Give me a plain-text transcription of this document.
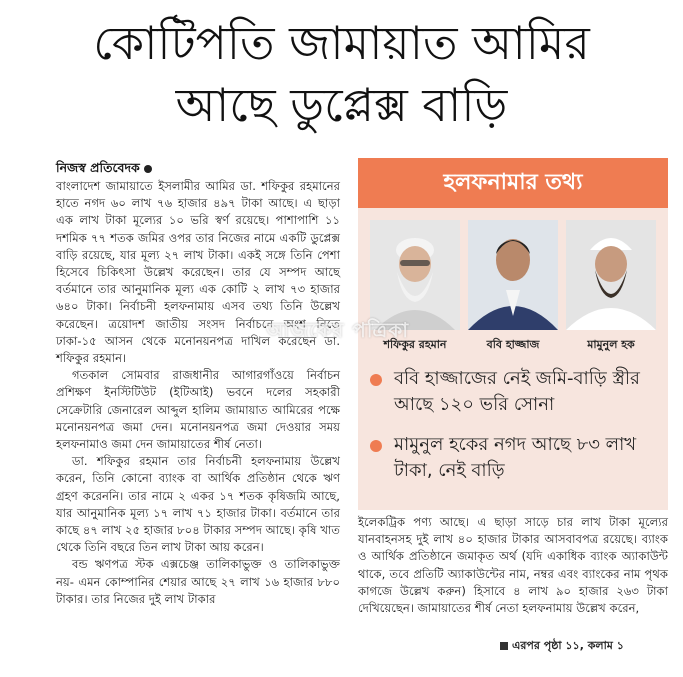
কোটিপতি জামায়াত আমির
আছে ডুপ্লেক্স বাড়ি
নিজস্ব প্রতিবেদক

বাংলাদেশ জামায়াতে ইসলামীর আমির ডা. শফিকুর রহমানের হাতে নগদ ৬০ লাখ ৭৬ হাজার ৪৯৭ টাকা আছে। এ ছাড়া এক লাখ টাকা মূল্যের ১০ ভরি স্বর্ণ রয়েছে। পাশাপাশি ১১ দশমিক ৭৭ শতক জমির ওপর তার নিজের নামে একটি ডুপ্লেক্স বাড়ি রয়েছে, যার মূল্য ২৭ লাখ টাকা। একই সঙ্গে তিনি পেশা হিসেবে চিকিৎসা উল্লেখ করেছেন। তার যে সম্পদ আছে বর্তমানে তার আনুমানিক মূল্য এক কোটি ২ লাখ ৭৩ হাজার ৬৪০ টাকা। নির্বাচনী হলফনামায় এসব তথ্য তিনি উল্লেখ করেছেন। ত্রয়োদশ জাতীয় সংসদ নির্বাচনে অংশ নিতে ঢাকা-১৫ আসন থেকে মনোনয়নপত্র দাখিল করেছেন ডা. শফিকুর রহমান।

গতকাল সোমবার রাজধানীর আগারগাঁওয়ে নির্বাচন প্রশিক্ষণ ইনস্টিটিউট (ইটিআই) ভবনে দলের সহকারী সেক্রেটারি জেনারেল আব্দুল হালিম জামায়াত আমিরের পক্ষে মনোনয়নপত্র জমা দেন। মনোনয়নপত্র জমা দেওয়ার সময় হলফনামাও জমা দেন জামায়াতের শীর্ষ নেতা।

ডা. শফিকুর রহমান তার নির্বাচনী হলফনামায় উল্লেখ করেন, তিনি কোনো ব্যাংক বা আর্থিক প্রতিষ্ঠান থেকে ঋণ গ্রহণ করেননি। তার নামে ২ একর ১৭ শতক কৃষিজমি আছে, যার আনুমানিক মূল্য ১৭ লাখ ৭১ হাজার টাকা। বর্তমানে তার কাছে ৪৭ লাখ ২৫ হাজার ৮০৪ টাকার সম্পদ আছে। কৃষি খাত থেকে তিনি বছরে তিন লাখ টাকা আয় করেন।

বন্ড ঋণপত্র স্টক এক্সচেঞ্জ তালিকাভুক্ত ও তালিকাভুক্ত নয়- এমন কোম্পানির শেয়ার আছে ২৭ লাখ ১৬ হাজার ৮৮০ টাকার। তার নিজের দুই লাখ টাকার

হলফনামার তথ্য
শফিকুর রহমান	ববি হাজ্জাজ	মামুনুল হক
ববি হাজ্জাজের নেই জমি-বাড়ি স্ত্রীর আছে ১২০ ভরি সোনা
মামুনুল হকের নগদ আছে ৮৩ লাখ টাকা, নেই বাড়ি
আজকের পত্রিকা

ইলেকট্রিক পণ্য আছে। এ ছাড়া সাড়ে চার লাখ টাকা মূল্যের যানবাহনসহ দুই লাখ ৪০ হাজার টাকার আসবাবপত্র রয়েছে। ব্যাংক ও আর্থিক প্রতিষ্ঠানে জমাকৃত অর্থ (যদি একাধিক ব্যাংক অ্যাকাউন্ট থাকে, তবে প্রতিটি অ্যাকাউন্টের নাম, নম্বর এবং ব্যাংকের নাম পৃথক কাগজে উল্লেখ করুন) হিসাবে ৪ লাখ ৯০ হাজার ২৬৩ টাকা দেখিয়েছেন। জামায়াতের শীর্ষ নেতা হলফনামায় উল্লেখ করেন,

এরপর পৃষ্ঠা ১১, কলাম ১
